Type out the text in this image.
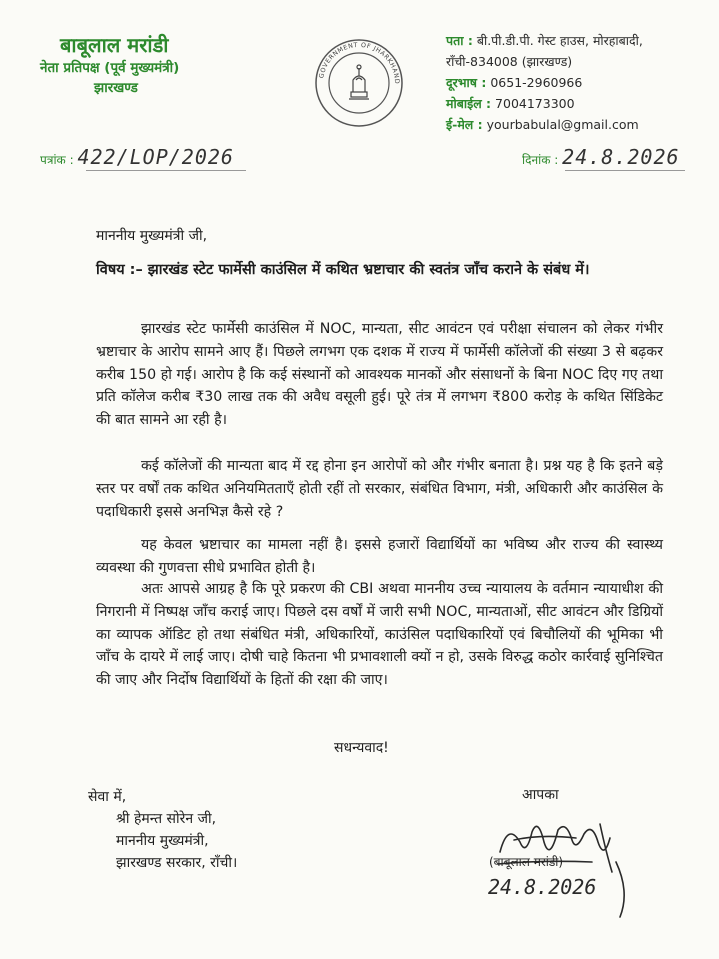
बाबूलाल मरांडी
नेता प्रतिपक्ष (पूर्व मुख्यमंत्री)
झारखण्ड
GOVERNMENT OF JHARKHAND
पता : बी.पी.डी.पी. गेस्ट हाउस, मोरहाबादी,
राँची-834008 (झारखण्ड)
दूरभाष : 0651-2960966
मोबाईल : 7004173300
ई-मेल : yourbabulal@gmail.com
पत्रांक : 422/LOP/2026	दिनांक : 24.8.2026
माननीय मुख्यमंत्री जी,
विषय :– झारखंड स्टेट फार्मेसी काउंसिल में कथित भ्रष्टाचार की स्वतंत्र जाँच कराने के संबंध में।
झारखंड स्टेट फार्मेसी काउंसिल में NOC, मान्यता, सीट आवंटन एवं परीक्षा संचालन को लेकर गंभीर भ्रष्टाचार के आरोप सामने आए हैं। पिछले लगभग एक दशक में राज्य में फार्मेसी कॉलेजों की संख्या 3 से बढ़कर करीब 150 हो गई। आरोप है कि कई संस्थानों को आवश्यक मानकों और संसाधनों के बिना NOC दिए गए तथा प्रति कॉलेज करीब ₹30 लाख तक की अवैध वसूली हुई। पूरे तंत्र में लगभग ₹800 करोड़ के कथित सिंडिकेट की बात सामने आ रही है।
कई कॉलेजों की मान्यता बाद में रद्द होना इन आरोपों को और गंभीर बनाता है। प्रश्न यह है कि इतने बड़े स्तर पर वर्षों तक कथित अनियमितताएँ होती रहीं तो सरकार, संबंधित विभाग, मंत्री, अधिकारी और काउंसिल के पदाधिकारी इससे अनभिज्ञ कैसे रहे ?
यह केवल भ्रष्टाचार का मामला नहीं है। इससे हजारों विद्यार्थियों का भविष्य और राज्य की स्वास्थ्य व्यवस्था की गुणवत्ता सीधे प्रभावित होती है।
अतः आपसे आग्रह है कि पूरे प्रकरण की CBI अथवा माननीय उच्च न्यायालय के वर्तमान न्यायाधीश की निगरानी में निष्पक्ष जाँच कराई जाए। पिछले दस वर्षों में जारी सभी NOC, मान्यताओं, सीट आवंटन और डिग्रियों का व्यापक ऑडिट हो तथा संबंधित मंत्री, अधिकारियों, काउंसिल पदाधिकारियों एवं बिचौलियों की भूमिका भी जाँच के दायरे में लाई जाए। दोषी चाहे कितना भी प्रभावशाली क्यों न हो, उसके विरुद्ध कठोर कार्रवाई सुनिश्चित की जाए और निर्दोष विद्यार्थियों के हितों की रक्षा की जाए।
सधन्यवाद!
सेवा में,
श्री हेमन्त सोरेन जी,
माननीय मुख्यमंत्री,
झारखण्ड सरकार, राँची।
आपका
24.8.2026
(बाबूलाल मरांडी)
